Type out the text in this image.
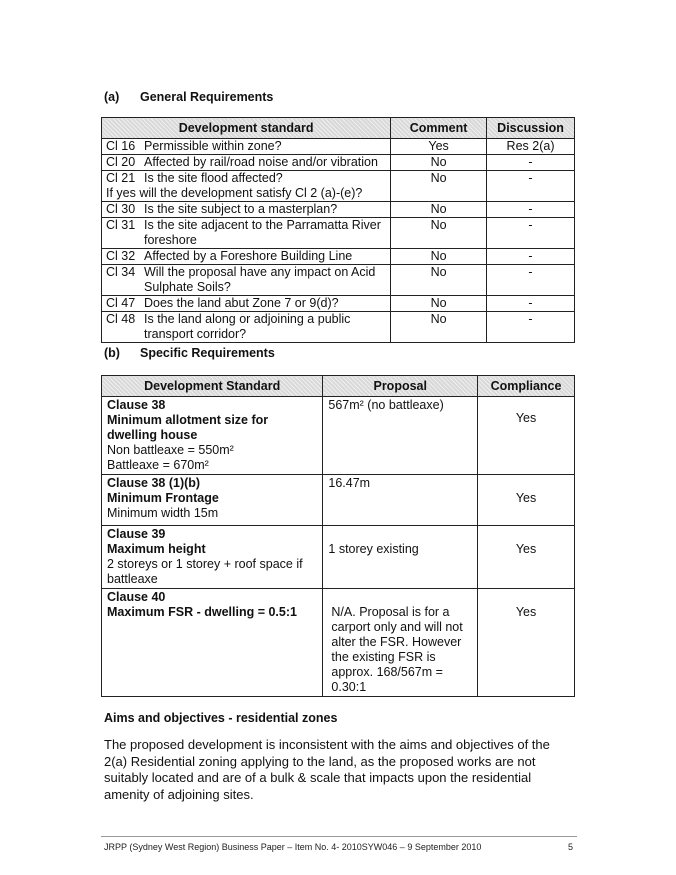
(a) General Requirements
Development standard	Comment	Discussion

Cl 16 Permissible within zone?	Yes	Res 2(a)

Cl 20 Affected by rail/road noise and/or vibration	No	-

Cl 21 Is the site flood affected?
If yes will the development satisfy Cl 2 (a)-(e)?	No	-

Cl 30 Is the site subject to a masterplan?	No	-

Cl 31 Is the site adjacent to the Parramatta River
foreshore	No	-

Cl 32 Affected by a Foreshore Building Line	No	-

Cl 34 Will the proposal have any impact on Acid
Sulphate Soils?	No	-

Cl 47 Does the land abut Zone 7 or 9(d)?	No	-

Cl 48 Is the land along or adjoining a public
transport corridor?	No	-
(b) Specific Requirements
Development Standard	Proposal	Compliance

Clause 38
Minimum allotment size for dwelling house
Non battleaxe = 550m²
Battleaxe = 670m²	567m² (no battleaxe)	Yes

Clause 38 (1)(b)
Minimum Frontage
Minimum width 15m	16.47m	Yes

Clause 39
Maximum height
2 storeys or 1 storey + roof space if battleaxe	1 storey existing	Yes

Clause 40
Maximum FSR - dwelling = 0.5:1	N/A. Proposal is for a carport only and will not alter the FSR. However the existing FSR is approx. 168/567m = 0.30:1	Yes
Aims and objectives - residential zones
The proposed development is inconsistent with the aims and objectives of the 2(a) Residential zoning applying to the land, as the proposed works are not suitably located and are of a bulk & scale that impacts upon the residential amenity of adjoining sites.
JRPP (Sydney West Region) Business Paper – Item No. 4- 2010SYW046 – 9 September 2010	5
